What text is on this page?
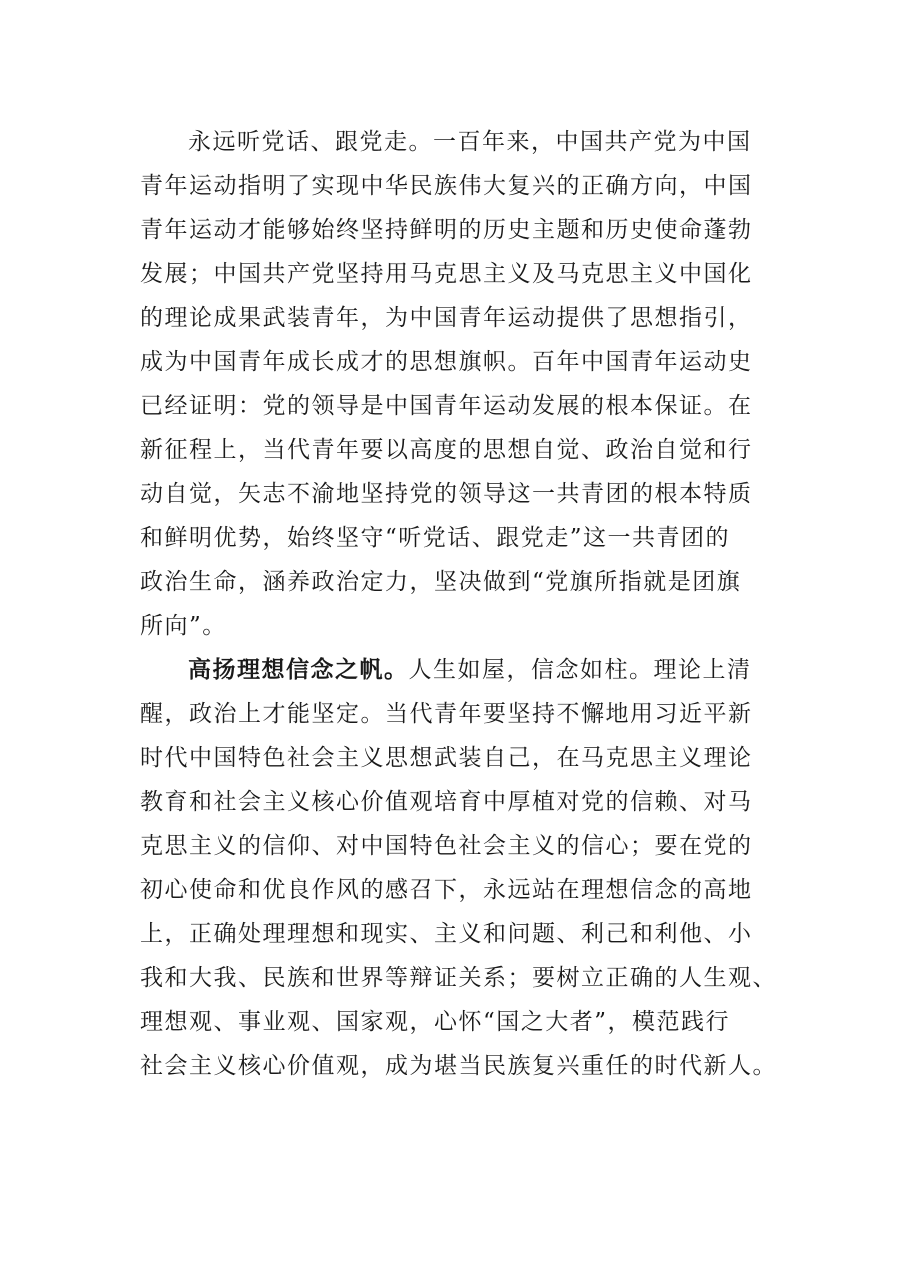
永远听党话、跟党走。一百年来，中国共产党为中国
青年运动指明了实现中华民族伟大复兴的正确方向，中国
青年运动才能够始终坚持鲜明的历史主题和历史使命蓬勃
发展；中国共产党坚持用马克思主义及马克思主义中国化
的理论成果武装青年，为中国青年运动提供了思想指引，
成为中国青年成长成才的思想旗帜。百年中国青年运动史
已经证明：党的领导是中国青年运动发展的根本保证。在
新征程上，当代青年要以高度的思想自觉、政治自觉和行
动自觉，矢志不渝地坚持党的领导这一共青团的根本特质
和鲜明优势，始终坚守“听党话、跟党走”这一共青团的
政治生命，涵养政治定力，坚决做到“党旗所指就是团旗
所向”。
高扬理想信念之帆。人生如屋，信念如柱。理论上清
醒，政治上才能坚定。当代青年要坚持不懈地用习近平新
时代中国特色社会主义思想武装自己，在马克思主义理论
教育和社会主义核心价值观培育中厚植对党的信赖、对马
克思主义的信仰、对中国特色社会主义的信心；要在党的
初心使命和优良作风的感召下，永远站在理想信念的高地
上，正确处理理想和现实、主义和问题、利己和利他、小
我和大我、民族和世界等辩证关系；要树立正确的人生观、
理想观、事业观、国家观，心怀“国之大者”，模范践行
社会主义核心价值观，成为堪当民族复兴重任的时代新人。
